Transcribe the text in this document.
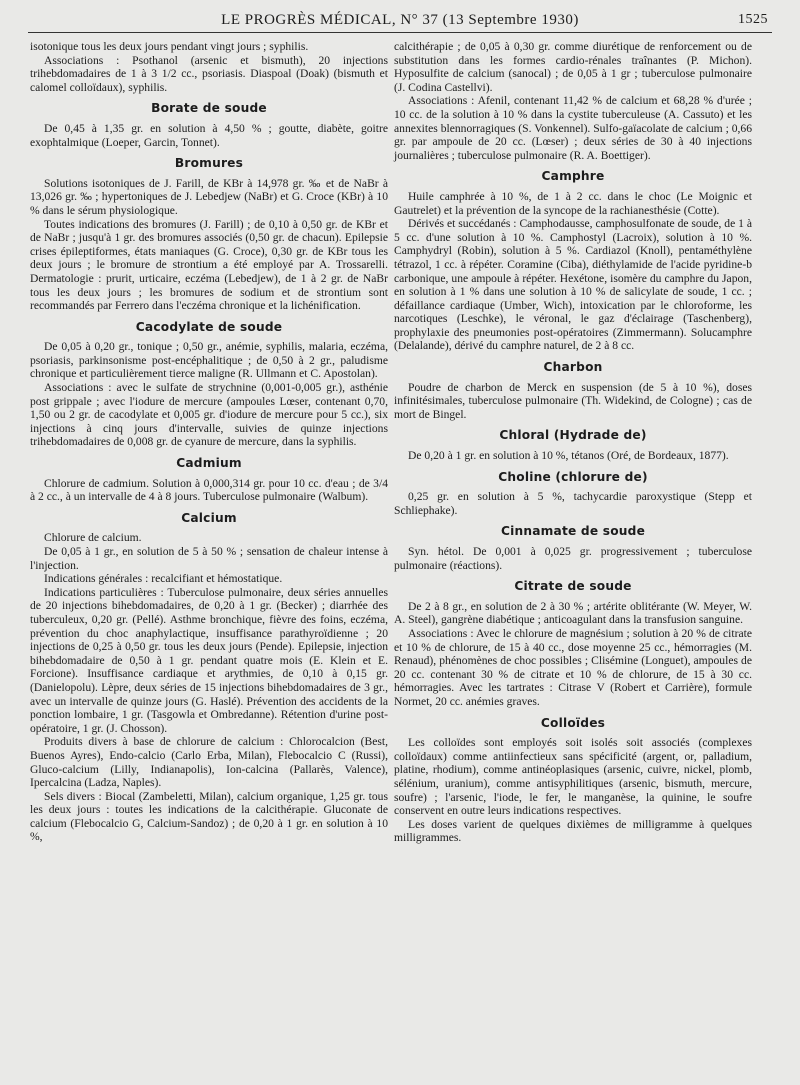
LE PROGRÈS MÉDICAL, N° 37 (13 Septembre 1930)	1525

isotonique tous les deux jours pendant vingt jours ; syphilis.

Associations : Psothanol (arsenic et bismuth), 20 injections trihebdomadaires de 1 à 3 1/2 cc., psoriasis. Diaspoal (Doak) (bismuth et calomel colloïdaux), syphilis.

Borate de soude

De 0,45 à 1,35 gr. en solution à 4,50 % ; goutte, diabète, goitre exophtalmique (Loeper, Garcin, Tonnet).

Bromures

Solutions isotoniques de J. Farill, de KBr à 14,978 gr. ‰ et de NaBr à 13,026 gr. ‰ ; hypertoniques de J. Lebedjew (NaBr) et G. Croce (KBr) à 10 % dans le sérum physiologique.

Toutes indications des bromures (J. Farill) ; de 0,10 à 0,50 gr. de KBr et de NaBr ; jusqu'à 1 gr. des bromures associés (0,50 gr. de chacun). Epilepsie crises épileptiformes, états maniaques (G. Croce), 0,30 gr. de KBr tous les deux jours ; le bromure de strontium a été employé par A. Trossarelli. Dermatologie : prurit, urticaire, eczéma (Lebedjew), de 1 à 2 gr. de NaBr tous les deux jours ; les bromures de sodium et de strontium sont recommandés par Ferrero dans l'eczéma chronique et la lichénification.

Cacodylate de soude

De 0,05 à 0,20 gr., tonique ; 0,50 gr., anémie, syphilis, malaria, eczéma, psoriasis, parkinsonisme post-encéphalitique ; de 0,50 à 2 gr., paludisme chronique et particulièrement tierce maligne (R. Ullmann et C. Apostolan).

Associations : avec le sulfate de strychnine (0,001-0,005 gr.), asthénie post grippale ; avec l'iodure de mercure (ampoules Lœser, contenant 0,70, 1,50 ou 2 gr. de cacodylate et 0,005 gr. d'iodure de mercure pour 5 cc.), six injections à cinq jours d'intervalle, suivies de quinze injections trihebdomadaires de 0,008 gr. de cyanure de mercure, dans la syphilis.

Cadmium

Chlorure de cadmium. Solution à 0,000,314 gr. pour 10 cc. d'eau ; de 3/4 à 2 cc., à un intervalle de 4 à 8 jours. Tuberculose pulmonaire (Walbum).

Calcium

Chlorure de calcium.

De 0,05 à 1 gr., en solution de 5 à 50 % ; sensation de chaleur intense à l'injection.

Indications générales : recalcifiant et hémostatique.

Indications particulières : Tuberculose pulmonaire, deux séries annuelles de 20 injections bihebdomadaires, de 0,20 à 1 gr. (Becker) ; diarrhée des tuberculeux, 0,20 gr. (Pellé). Asthme bronchique, fièvre des foins, eczéma, prévention du choc anaphylactique, insuffisance parathyroïdienne ; 20 injections de 0,25 à 0,50 gr. tous les deux jours (Pende). Epilepsie, injection bihebdomadaire de 0,50 à 1 gr. pendant quatre mois (E. Klein et E. Forcione). Insuffisance cardiaque et arythmies, de 0,10 à 0,15 gr. (Danielopolu). Lèpre, deux séries de 15 injections bihebdomadaires de 3 gr., avec un intervalle de quinze jours (G. Haslé). Prévention des accidents de la ponction lombaire, 1 gr. (Tasgowla et Ombredanne). Rétention d'urine post-opératoire, 1 gr. (J. Chosson).

Produits divers à base de chlorure de calcium : Chlorocalcion (Best, Buenos Ayres), Endo-calcio (Carlo Erba, Milan), Flebocalcio C (Russi), Gluco-calcium (Lilly, Indianapolis), Ion-calcina (Pallarès, Valence), Ipercalcina (Ladza, Naples).

Sels divers : Biocal (Zambeletti, Milan), calcium organique, 1,25 gr. tous les deux jours : toutes les indications de la calcithérapie. Gluconate de calcium (Flebocalcio G, Calcium-Sandoz) ; de 0,20 à 1 gr. en solution à 10 %,

calcithérapie ; de 0,05 à 0,30 gr. comme diurétique de renforcement ou de substitution dans les formes cardio-rénales traînantes (P. Michon). Hyposulfite de calcium (sanocal) ; de 0,05 à 1 gr ; tuberculose pulmonaire (J. Codina Castellvi).

Associations : Afenil, contenant 11,42 % de calcium et 68,28 % d'urée ; 10 cc. de la solution à 10 % dans la cystite tuberculeuse (A. Cassuto) et les annexites blennorragiques (S. Vonkennel). Sulfo-gaïacolate de calcium ; 0,66 gr. par ampoule de 20 cc. (Lœser) ; deux séries de 30 à 40 injections journalières ; tuberculose pulmonaire (R. A. Boettiger).

Camphre

Huile camphrée à 10 %, de 1 à 2 cc. dans le choc (Le Moignic et Gautrelet) et la prévention de la syncope de la rachianesthésie (Cotte).

Dérivés et succédanés : Camphodausse, camphosulfonate de soude, de 1 à 5 cc. d'une solution à 10 %. Camphostyl (Lacroix), solution à 10 %. Camphydryl (Robin), solution à 5 %. Cardiazol (Knoll), pentaméthylène tétrazol, 1 cc. à répéter. Coramine (Ciba), diéthylamide de l'acide pyridine-b carbonique, une ampoule à répéter. Hexétone, isomère du camphre du Japon, en solution à 1 % dans une solution à 10 % de salicylate de soude, 1 cc. ; défaillance cardiaque (Umber, Wich), intoxication par le chloroforme, les narcotiques (Leschke), le véronal, le gaz d'éclairage (Taschenberg), prophylaxie des pneumonies post-opératoires (Zimmermann). Solucamphre (Delalande), dérivé du camphre naturel, de 2 à 8 cc.

Charbon

Poudre de charbon de Merck en suspension (de 5 à 10 %), doses infinitésimales, tuberculose pulmonaire (Th. Widekind, de Cologne) ; cas de mort de Bingel.

Chloral (Hydrade de)

De 0,20 à 1 gr. en solution à 10 %, tétanos (Oré, de Bordeaux, 1877).

Choline (chlorure de)

0,25 gr. en solution à 5 %, tachycardie paroxystique (Stepp et Schliephake).

Cinnamate de soude

Syn. hétol. De 0,001 à 0,025 gr. progressivement ; tuberculose pulmonaire (réactions).

Citrate de soude

De 2 à 8 gr., en solution de 2 à 30 % ; artérite oblitérante (W. Meyer, W. A. Steel), gangrène diabétique ; anticoagulant dans la transfusion sanguine.

Associations : Avec le chlorure de magnésium ; solution à 20 % de citrate et 10 % de chlorure, de 15 à 40 cc., dose moyenne 25 cc., hémorragies (M. Renaud), phénomènes de choc possibles ; Clisémine (Longuet), ampoules de 20 cc. contenant 30 % de citrate et 10 % de chlorure, de 15 à 30 cc. hémorragies. Avec les tartrates : Citrase V (Robert et Carrière), formule Normet, 20 cc. anémies graves.

Colloïdes

Les colloïdes sont employés soit isolés soit associés (complexes colloïdaux) comme antiinfectieux sans spécificité (argent, or, palladium, platine, rhodium), comme antinéoplasiques (arsenic, cuivre, nickel, plomb, sélénium, uranium), comme antisyphilitiques (arsenic, bismuth, mercure, soufre) ; l'arsenic, l'iode, le fer, le manganèse, la quinine, le soufre conservent en outre leurs indications respectives.

Les doses varient de quelques dixièmes de milligramme à quelques milligrammes.
